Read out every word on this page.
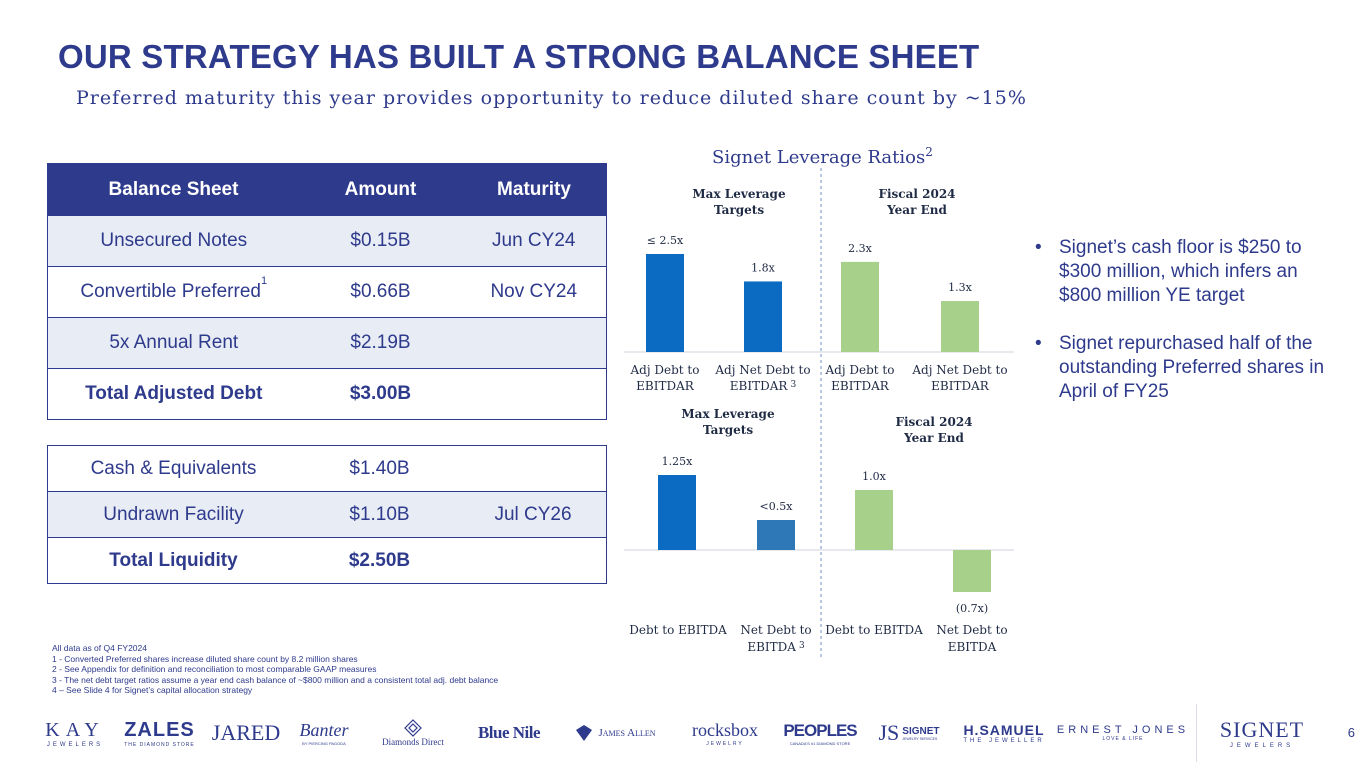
OUR STRATEGY HAS BUILT A STRONG BALANCE SHEET
Preferred maturity this year provides opportunity to reduce diluted share count by ~15%
Balance Sheet	Amount	Maturity
Unsecured Notes	$0.15B	Jun CY24
Convertible Preferred$^1$	$0.66B	Nov CY24
5x Annual Rent	$2.19B	
Total Adjusted Debt	$3.00B	
Cash & Equivalents	$1.40B	
Undrawn Facility	$1.10B	Jul CY26
Total Liquidity	$2.50B	
Signet Leverage Ratios$^2$
Max Leverage
Targets
Fiscal 2024
Year End
≤ 2.5x
Adj Debt to
EBITDAR
1.8x
Adj Net Debt to
EBITDAR $^3$
2.3x
Adj Debt to
EBITDAR
1.3x
Adj Net Debt to
EBITDAR
Max Leverage
Targets
Fiscal 2024
Year End
1.25x
<0.5x
1.0x
(0.7x)
Debt to EBITDA Net Debt to
EBITDA $^3$
Debt to EBITDA Net Debt to
EBITDA
• Signet’s cash floor is $250 to $300 million, which infers an $800 million YE target
• Signet repurchased half of the outstanding Preferred shares in April of FY25
All data as of Q4 FY2024
1 - Converted Preferred shares increase diluted share count by 8.2 million shares
2 - See Appendix for definition and reconciliation to most comparable GAAP measures
3 - The net debt target ratios assume a year end cash balance of ~$800 million and a consistent total adj. debt balance
4 – See Slide 4 for Signet’s capital allocation strategy
KAY
JEWELERS
ZALES
THE DIAMOND STORE JARED Banter
BY PIERCING PAGODA	Diamonds Direct	Blue Nile	James Allen rocksbox
JEWELRY
PEOPLES
CANADA'S #1 DIAMOND STORE JS SIGNET
JEWELRY SERVICES
H.SAMUEL
THE JEWELLER
ERNEST JONES
LOVE & LIFE	SIGNET
JEWELERS
6
